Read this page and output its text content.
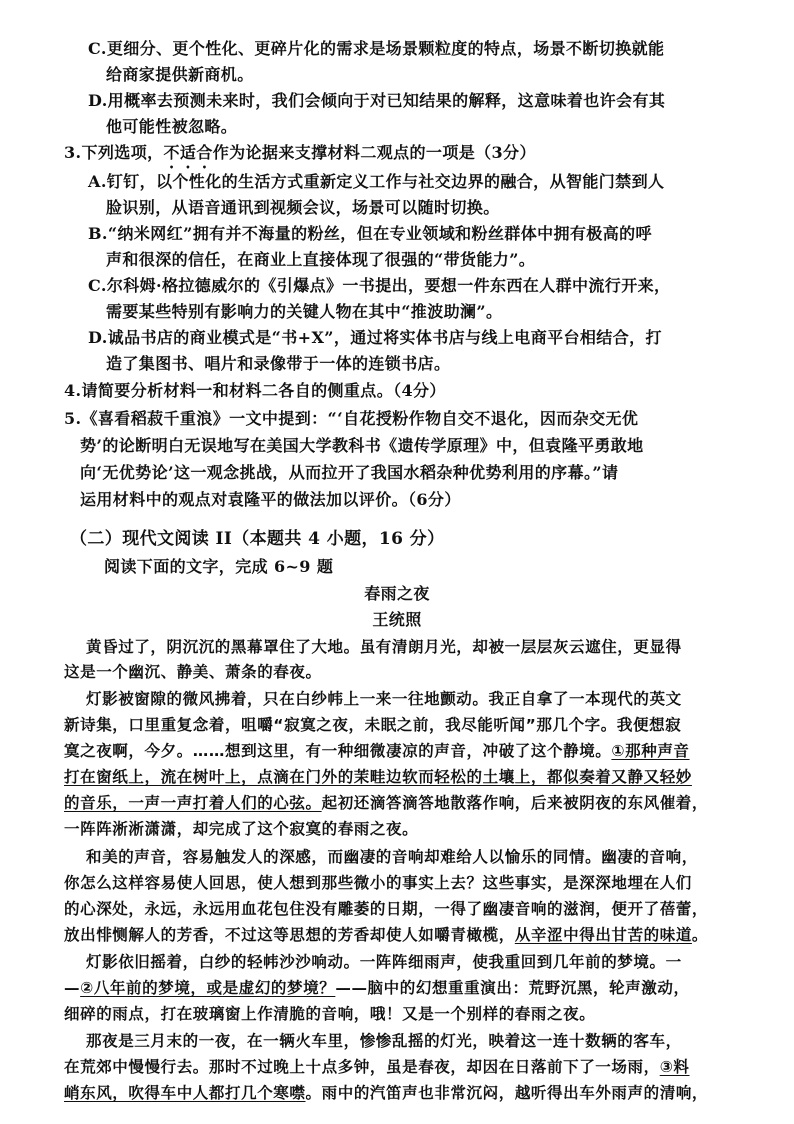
C.更细分、更个性化、更碎片化的需求是场景颗粒度的特点，场景不断切换就能
给商家提供新商机。
D.用概率去预测未来时，我们会倾向于对已知结果的解释，这意味着也许会有其
他可能性被忽略。
3.下列选项，不适合作为论据来支撑材料二观点的一项是（3分）
A.钉钉，以个性化的生活方式重新定义工作与社交边界的融合，从智能门禁到人
脸识别，从语音通讯到视频会议，场景可以随时切换。
B.“纳米网红”拥有并不海量的粉丝，但在专业领域和粉丝群体中拥有极高的呼
声和很深的信任，在商业上直接体现了很强的“带货能力”。
C.尔科姆·格拉德威尔的《引爆点》一书提出，要想一件东西在人群中流行开来，
需要某些特别有影响力的关键人物在其中“推波助澜”。
D.诚品书店的商业模式是“书+X”，通过将实体书店与线上电商平台相结合，打
造了集图书、唱片和录像带于一体的连锁书店。
4.请简要分析材料一和材料二各自的侧重点。（4分）
5.《喜看稻菽千重浪》一文中提到：“‘自花授粉作物自交不退化，因而杂交无优
势’的论断明白无误地写在美国大学教科书《遗传学原理》中，但袁隆平勇敢地
向‘无优势论’这一观念挑战，从而拉开了我国水稻杂种优势利用的序幕。”请
运用材料中的观点对袁隆平的做法加以评价。（6分）
（二）现代文阅读 II（本题共 4 小题，16 分）
阅读下面的文字，完成 6~9 题
春雨之夜
王统照
黄昏过了，阴沉沉的黑幕罩住了大地。虽有清朗月光，却被一层层灰云遮住，更显得
这是一个幽沉、静美、萧条的春夜。
灯影被窗隙的微风拂着，只在白纱帏上一来一往地颤动。我正自拿了一本现代的英文
新诗集，口里重复念着，咀嚼“寂寞之夜，未眠之前，我尽能听闻”那几个字。我便想寂
寞之夜啊，今夕。……想到这里，有一种细微凄凉的声音，冲破了这个静境。①那种声音
打在窗纸上，流在树叶上，点滴在门外的茉畦边软而轻松的土壤上，都似奏着又静又轻妙
的音乐，一声一声打着人们的心弦。起初还滴答滴答地散落作响，后来被阴夜的东风催着，
一阵阵淅淅潇潇，却完成了这个寂寞的春雨之夜。
和美的声音，容易触发人的深感，而幽凄的音响却难给人以愉乐的同情。幽凄的音响，
你怎么这样容易使人回思，使人想到那些微小的事实上去？这些事实，是深深地埋在人们
的心深处，永远，永远用血花包住没有雕萎的日期，一得了幽凄音响的滋润，便开了蓓蕾，
放出悱恻解人的芳香，不过这等思想的芳香却使人如嚼青橄榄，从辛涩中得出甘苦的味道。
灯影依旧摇着，白纱的轻帏沙沙响动。一阵阵细雨声，使我重回到几年前的梦境。一
—②八年前的梦境，或是虚幻的梦境？——脑中的幻想重重演出：荒野沉黑，轮声激动，
细碎的雨点，打在玻璃窗上作清脆的音响，哦！又是一个别样的春雨之夜。
那夜是三月末的一夜，在一辆火车里，惨惨乱摇的灯光，映着这一连十数辆的客车，
在荒郊中慢慢行去。那时不过晚上十点多钟，虽是春夜，却因在日落前下了一场雨，③料
峭东风，吹得车中人都打几个寒噤。雨中的汽笛声也非常沉闷，越听得出车外雨声的清响，
